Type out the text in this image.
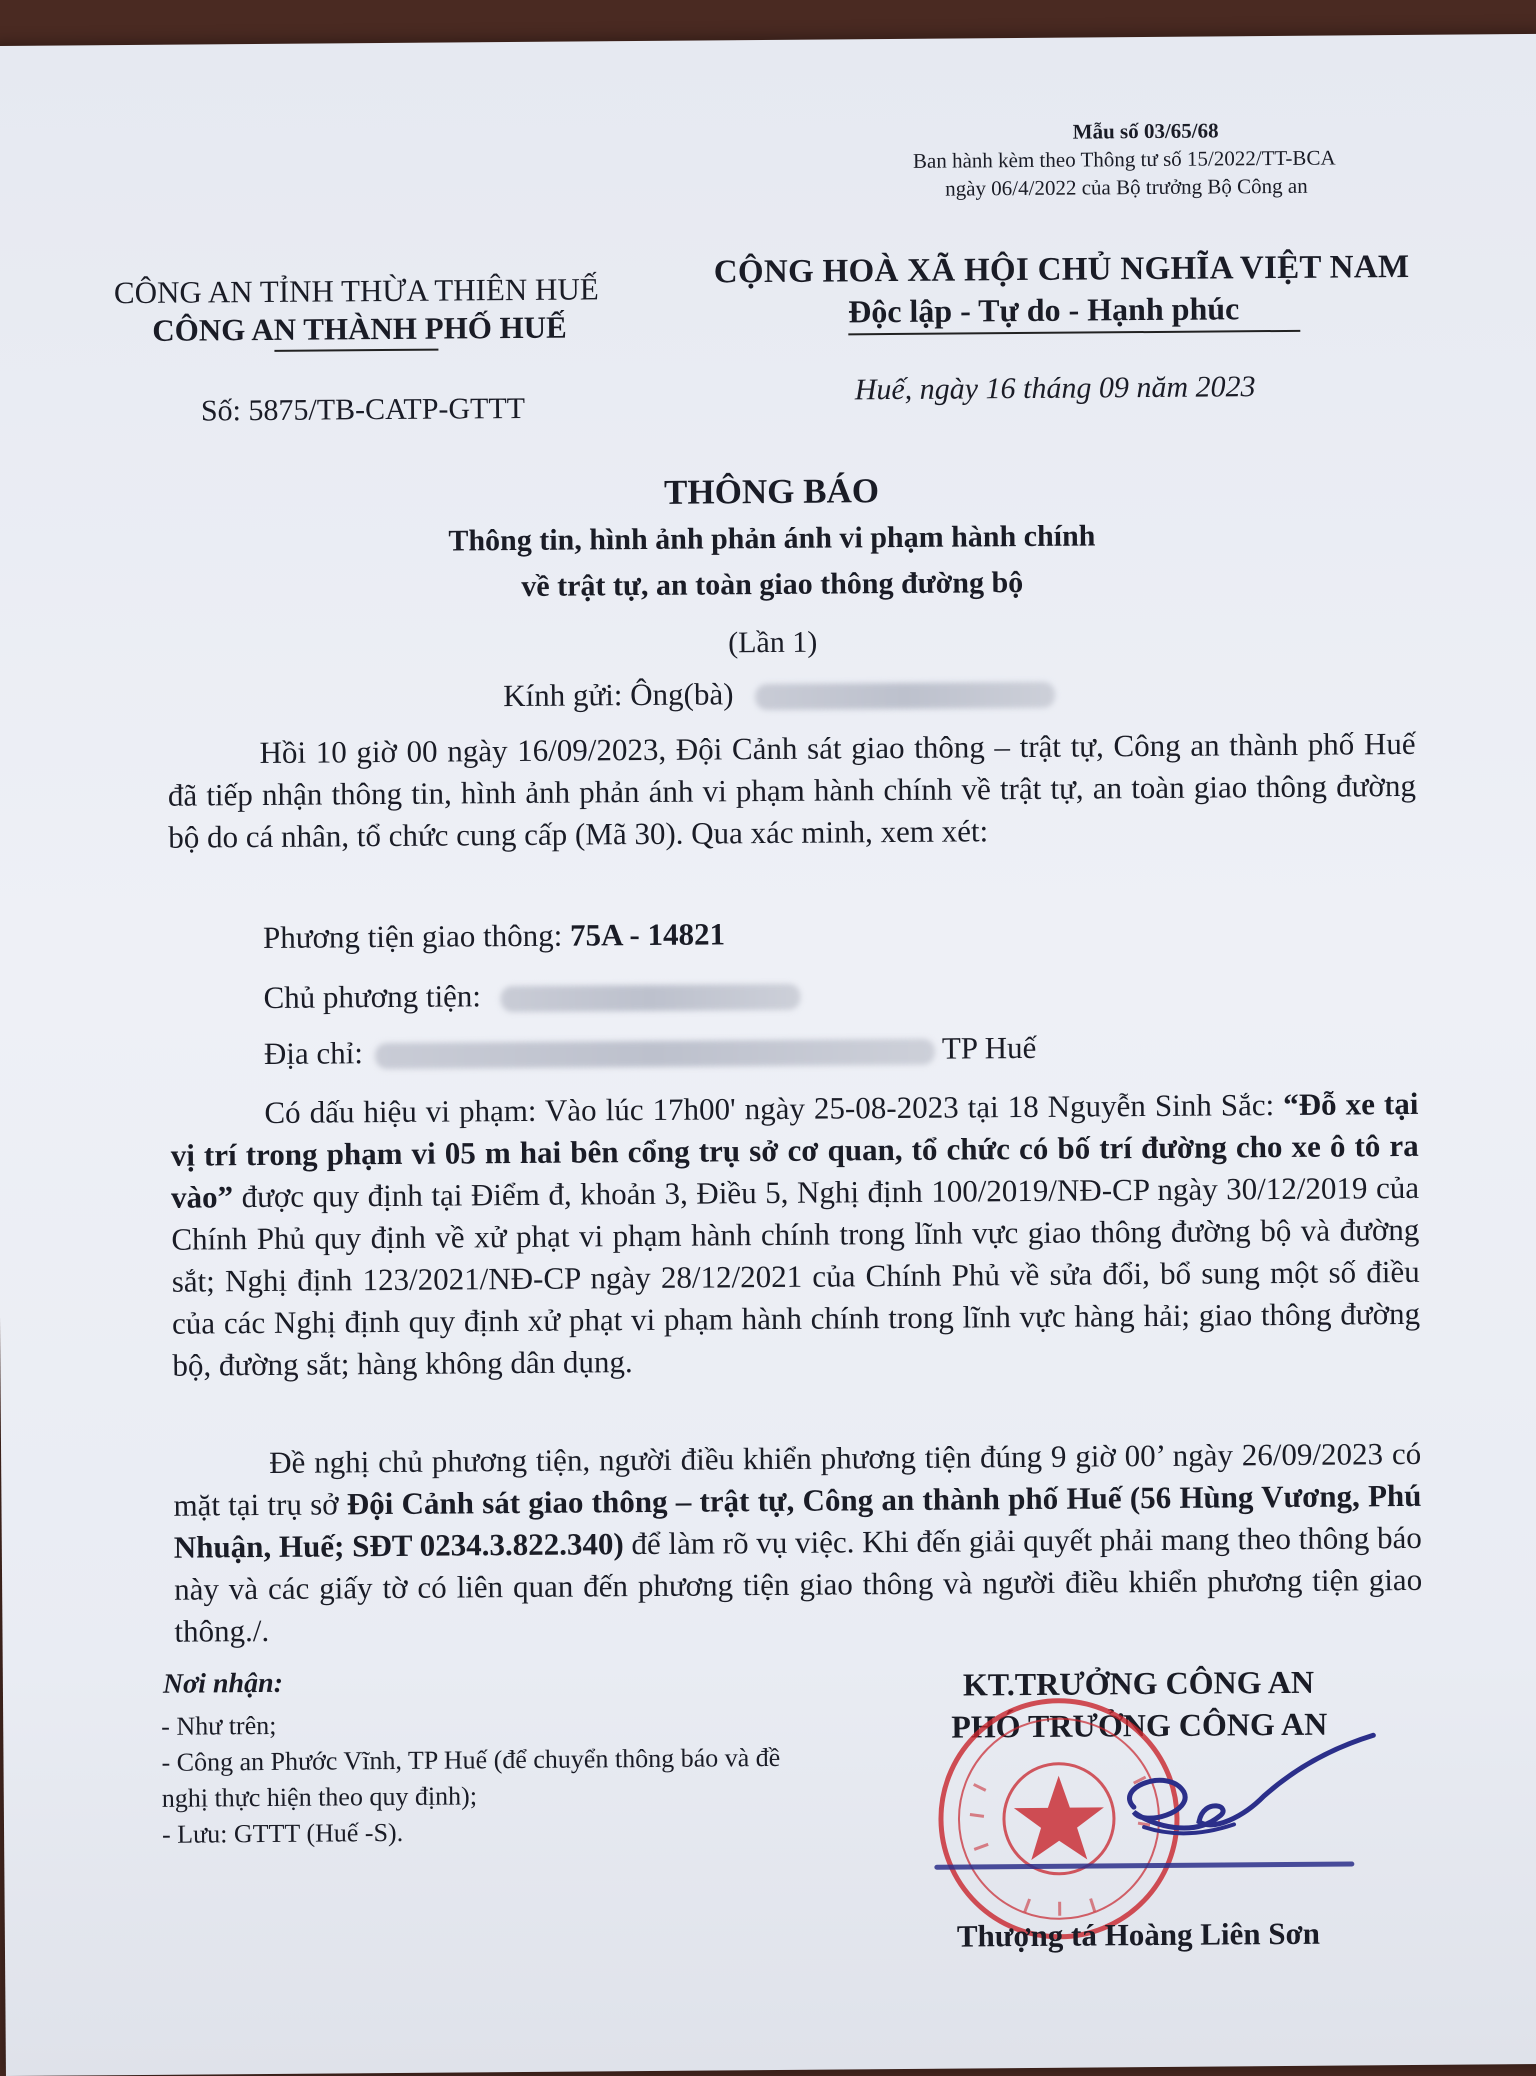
Mẫu số 03/65/68
Ban hành kèm theo Thông tư số 15/2022/TT-BCA
ngày 06/4/2022 của Bộ trưởng Bộ Công an
CÔNG AN TỈNH THỪA THIÊN HUẾ
CÔNG AN THÀNH PHỐ HUẾ
Số: 5875/TB-CATP-GTTT
CỘNG HOÀ XÃ HỘI CHỦ NGHĨA VIỆT NAM
Độc lập - Tự do - Hạnh phúc
Huế, ngày 16 tháng 09 năm 2023
THÔNG BÁO
Thông tin, hình ảnh phản ánh vi phạm hành chính
về trật tự, an toàn giao thông đường bộ
(Lần 1)
Kính gửi: Ông(bà)
Hồi 10 giờ 00 ngày 16/09/2023, Đội Cảnh sát giao thông – trật tự, Công an thành phố Huế đã tiếp nhận thông tin, hình ảnh phản ánh vi phạm hành chính về trật tự, an toàn giao thông đường bộ do cá nhân, tổ chức cung cấp (Mã 30). Qua xác minh, xem xét:
Phương tiện giao thông: 75A - 14821
Chủ phương tiện:
Địa chỉ:	TP Huế
Có dấu hiệu vi phạm: Vào lúc 17h00' ngày 25-08-2023 tại 18 Nguyễn Sinh Sắc: “Đỗ xe tại vị trí trong phạm vi 05 m hai bên cổng trụ sở cơ quan, tổ chức có bố trí đường cho xe ô tô ra vào” được quy định tại Điểm đ, khoản 3, Điều 5, Nghị định 100/2019/NĐ-CP ngày 30/12/2019 của Chính Phủ quy định về xử phạt vi phạm hành chính trong lĩnh vực giao thông đường bộ và đường sắt; Nghị định 123/2021/NĐ-CP ngày 28/12/2021 của Chính Phủ về sửa đổi, bổ sung một số điều của các Nghị định quy định xử phạt vi phạm hành chính trong lĩnh vực hàng hải; giao thông đường bộ, đường sắt; hàng không dân dụng.
Đề nghị chủ phương tiện, người điều khiển phương tiện đúng 9 giờ 00’ ngày 26/09/2023 có mặt tại trụ sở Đội Cảnh sát giao thông – trật tự, Công an thành phố Huế (56 Hùng Vương, Phú Nhuận, Huế; SĐT 0234.3.822.340) để làm rõ vụ việc. Khi đến giải quyết phải mang theo thông báo này và các giấy tờ có liên quan đến phương tiện giao thông và người điều khiển phương tiện giao thông./.
Nơi nhận:
- Như trên;
- Công an Phước Vĩnh, TP Huế (để chuyển thông báo và đề nghị thực hiện theo quy định);
- Lưu: GTTT (Huế -S).
KT.TRƯỞNG CÔNG AN
PHÓ TRƯỞNG CÔNG AN
Thượng tá Hoàng Liên Sơn
